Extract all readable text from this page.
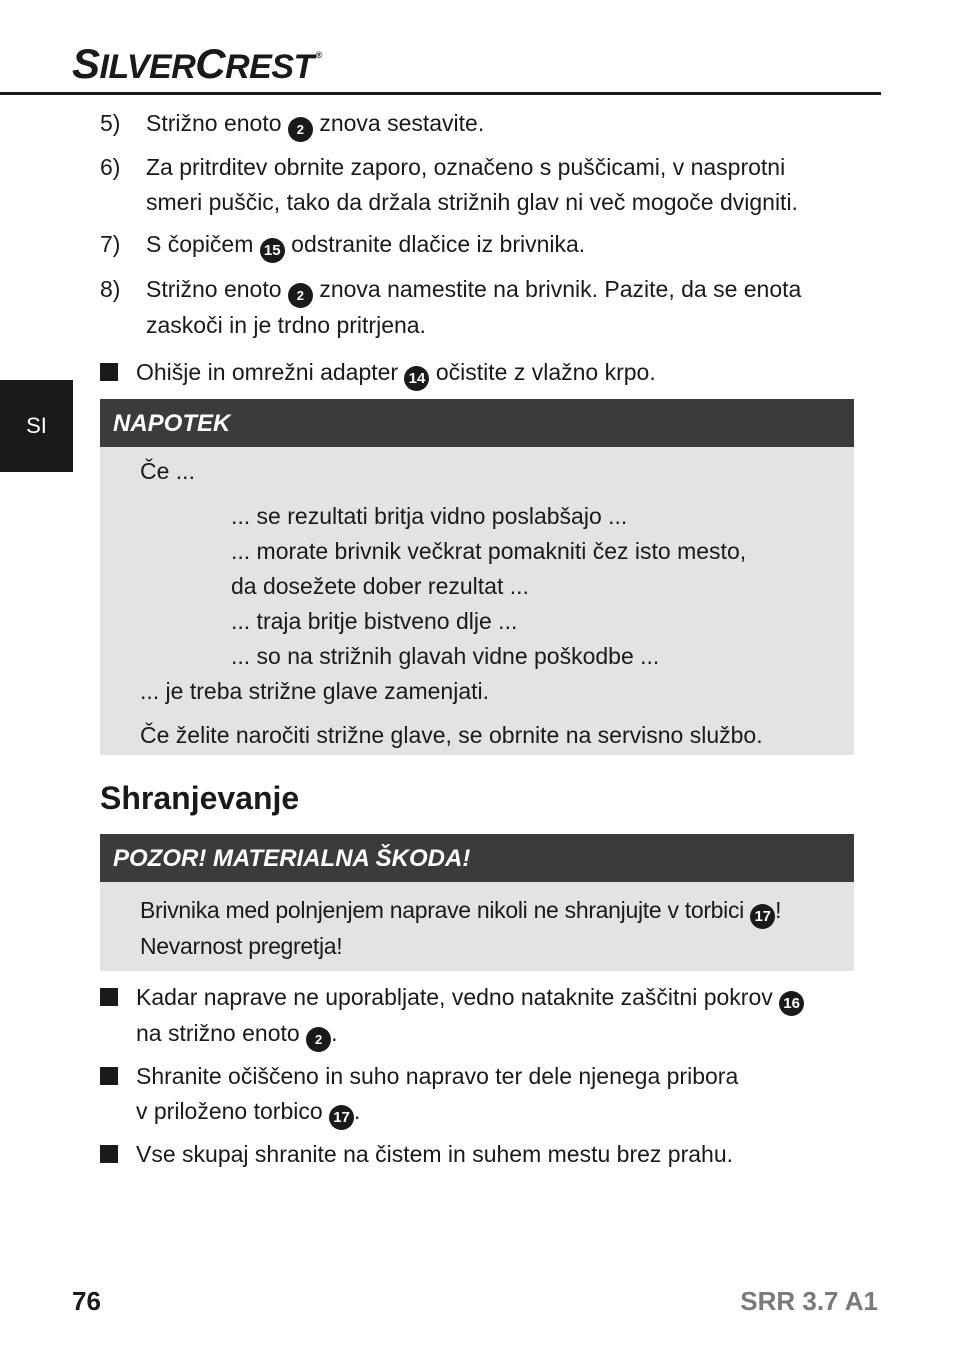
SILVERCREST ®
SI
5) Strižno enoto 2 znova sestavite.
6) Za pritrditev obrnite zaporo, označeno s puščicami, v nasprotni
smeri puščic, tako da držala strižnih glav ni več mogoče dvigniti.
7) S čopičem 15 odstranite dlačice iz brivnika.
8) Strižno enoto 2 znova namestite na brivnik. Pazite, da se enota
zaskoči in je trdno pritrjena.
Ohišje in omrežni adapter 14 očistite z vlažno krpo.
NAPOTEK
Če ...
... se rezultati britja vidno poslabšajo ...
... morate brivnik večkrat pomakniti čez isto mesto,
da dosežete dober rezultat ...
... traja britje bistveno dlje ...
... so na strižnih glavah vidne poškodbe ...
... je treba strižne glave zamenjati.
Če želite naročiti strižne glave, se obrnite na servisno službo.
Shranjevanje
POZOR! MATERIALNA ŠKODA!
Brivnika med polnjenjem naprave nikoli ne shranjujte v torbici 17 !
Nevarnost pregretja!
Kadar naprave ne uporabljate, vedno nataknite zaščitni pokrov 16
na strižno enoto 2 .
Shranite očiščeno in suho napravo ter dele njenega pribora
v priloženo torbico 17 .
Vse skupaj shranite na čistem in suhem mestu brez prahu.
76	SRR 3.7 A1
